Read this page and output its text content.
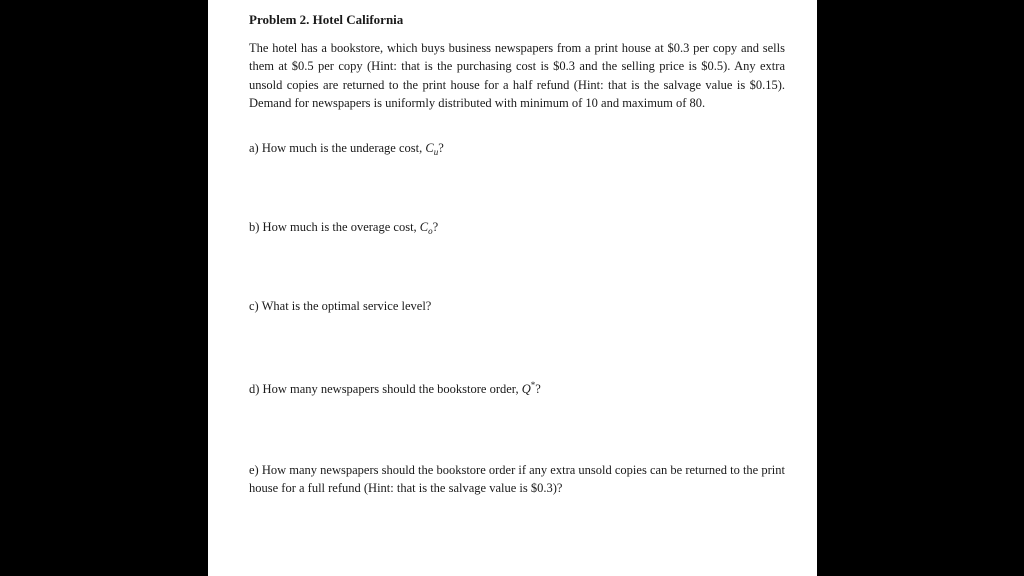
Problem 2. Hotel California

The hotel has a bookstore, which buys business newspapers from a print house at $0.3 per copy and sells them at $0.5 per copy (Hint: that is the purchasing cost is $0.3 and the selling price is $0.5). Any extra unsold copies are returned to the print house for a half refund (Hint: that is the salvage value is $0.15). Demand for newspapers is uniformly distributed with minimum of 10 and maximum of 80.

a) How much is the underage cost, $C_u$?

b) How much is the overage cost, $C_o$?

c) What is the optimal service level?

d) How many newspapers should the bookstore order, Q*?

e) How many newspapers should the bookstore order if any extra unsold copies can be returned to the print house for a full refund (Hint: that is the salvage value is $0.3)?
